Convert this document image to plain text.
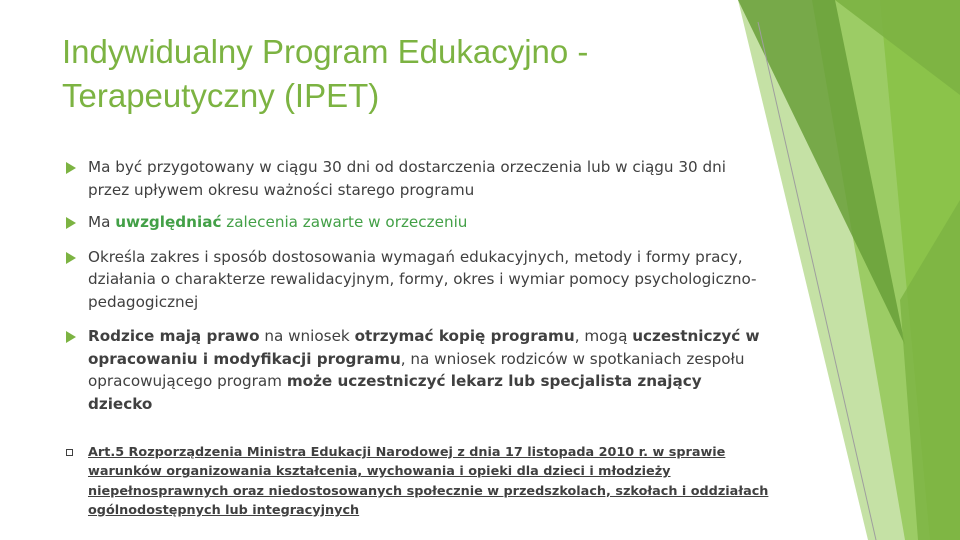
Indywidualny Program Edukacyjno - Terapeutyczny (IPET)
Ma być przygotowany w ciągu 30 dni od dostarczenia orzeczenia lub w ciągu 30 dni przez upływem okresu ważności starego programu
Ma uwzględniać zalecenia zawarte w orzeczeniu
Określa zakres i sposób dostosowania wymagań edukacyjnych, metody i formy pracy, działania o charakterze rewalidacyjnym, formy, okres i wymiar pomocy psychologiczno-pedagogicznej
Rodzice mają prawo na wniosek otrzymać kopię programu, mogą uczestniczyć w opracowaniu i modyfikacji programu, na wniosek rodziców w spotkaniach zespołu opracowującego program może uczestniczyć lekarz lub specjalista znający dziecko
Art.5 Rozporządzenia Ministra Edukacji Narodowej z dnia 17 listopada 2010 r. w sprawie warunków organizowania kształcenia, wychowania i opieki dla dzieci i młodzieży niepełnosprawnych oraz niedostosowanych społecznie w przedszkolach, szkołach i oddziałach ogólnodostępnych lub integracyjnych
